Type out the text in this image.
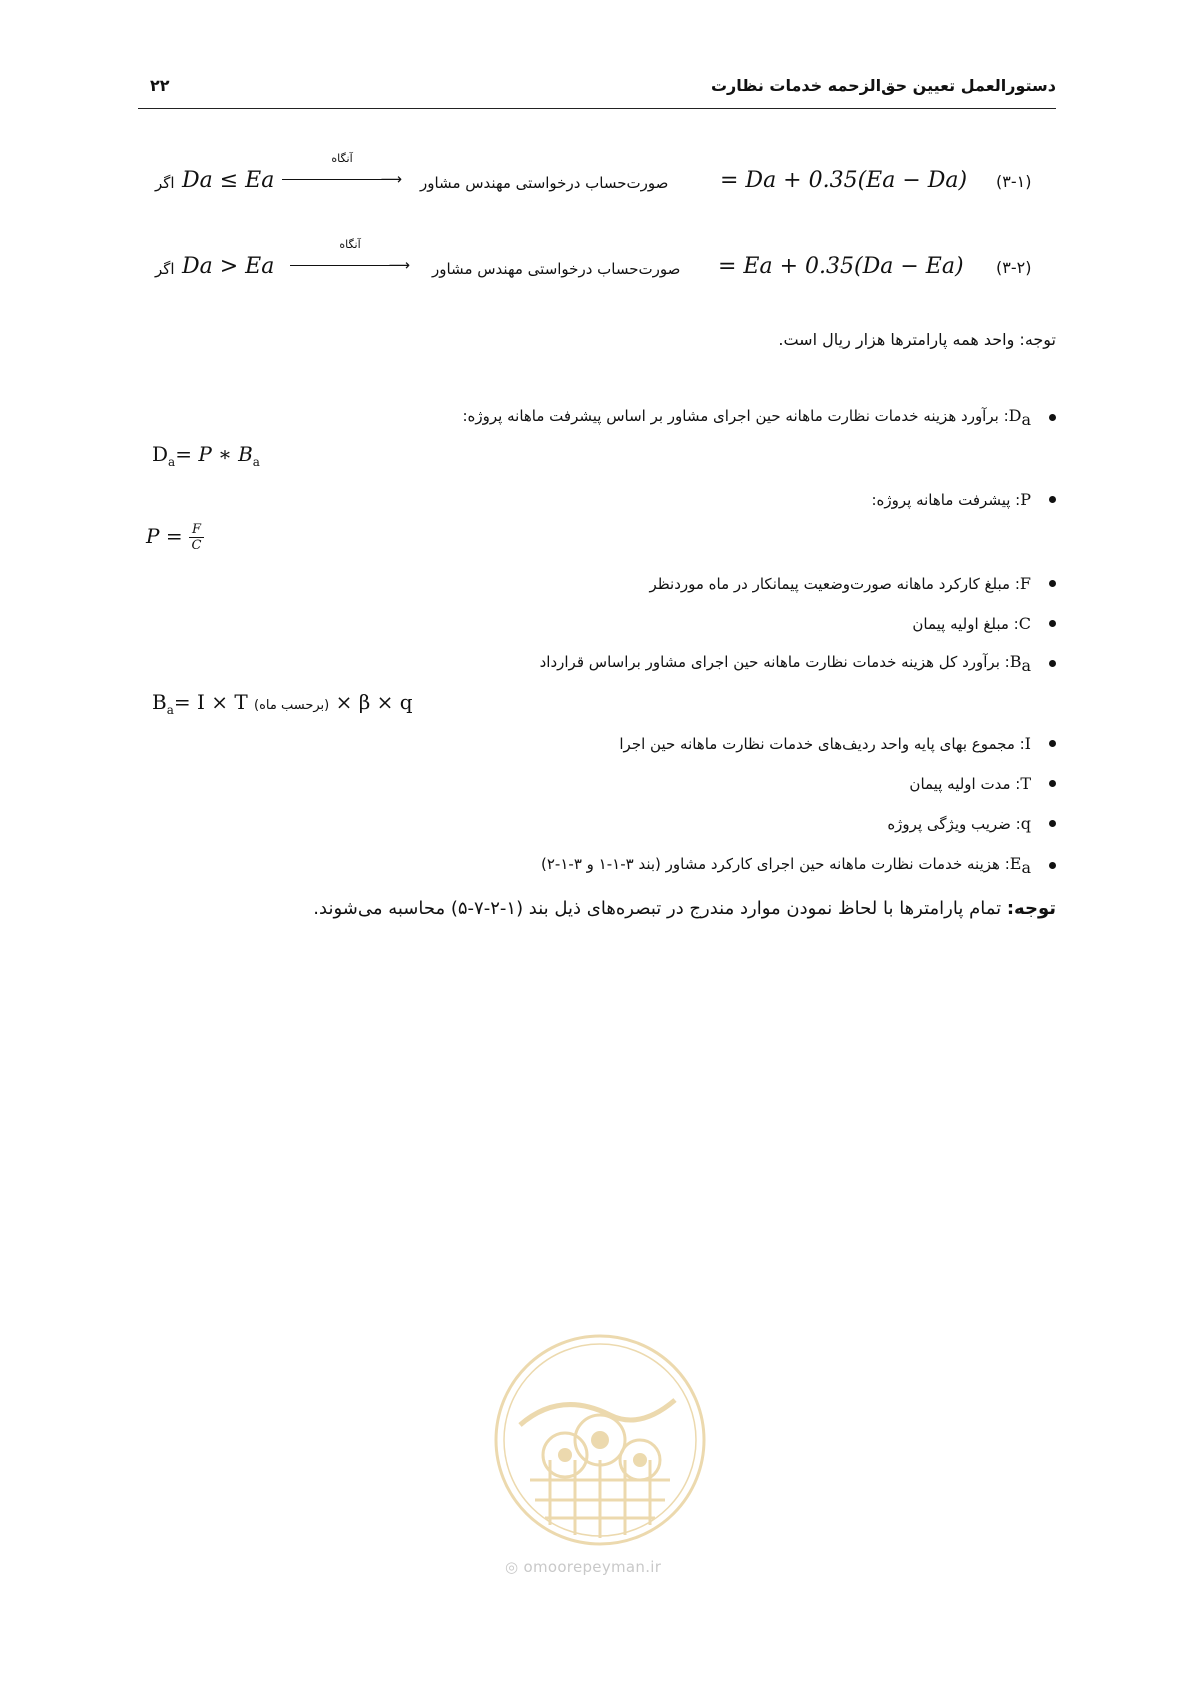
دستورالعمل تعیین حق‌الزحمه خدمات نظارت
۲۲
(۳-۱)
= Da + 0.35(Ea − Da)
صورت‌حساب درخواستی مهندس مشاور
آنگاه
⟶
Da ≤ Ea
اگر
(۳-۲)
= Ea + 0.35(Da − Ea)
صورت‌حساب درخواستی مهندس مشاور
آنگاه
⟶
Da > Ea
اگر
توجه: واحد همه پارامترها هزار ریال است.
$D_a$: برآورد هزینه خدمات نظارت ماهانه حین اجرای مشاور بر اساس پیشرفت ماهانه پروژه:
$D_a= P$ ∗ $B_a$
P: پیشرفت ماهانه پروژه:
$P = \frac{F}{C}$
F: مبلغ کارکرد ماهانه صورت‌وضعیت پیمانکار در ماه موردنظر
C: مبلغ اولیه پیمان
$B_a$: برآورد کل هزینه خدمات نظارت ماهانه حین اجرای مشاور براساس قرارداد
$B_a= I \times T$ (برحسب ماه) × β × q
I: مجموع بهای پایه واحد ردیف‌های خدمات نظارت ماهانه حین اجرا
T: مدت اولیه پیمان
q: ضریب ویژگی پروژه
$E_a$: هزینه خدمات نظارت ماهانه حین اجرای کارکرد مشاور (بند ۳-۱-۱ و ۳-۱-۲)
توجه: تمام پارامترها با لحاظ نمودن موارد مندرج در تبصره‌های ذیل بند (۱-۲-۷-۵) محاسبه می‌شوند.
◎ omoorepeyman.ir
